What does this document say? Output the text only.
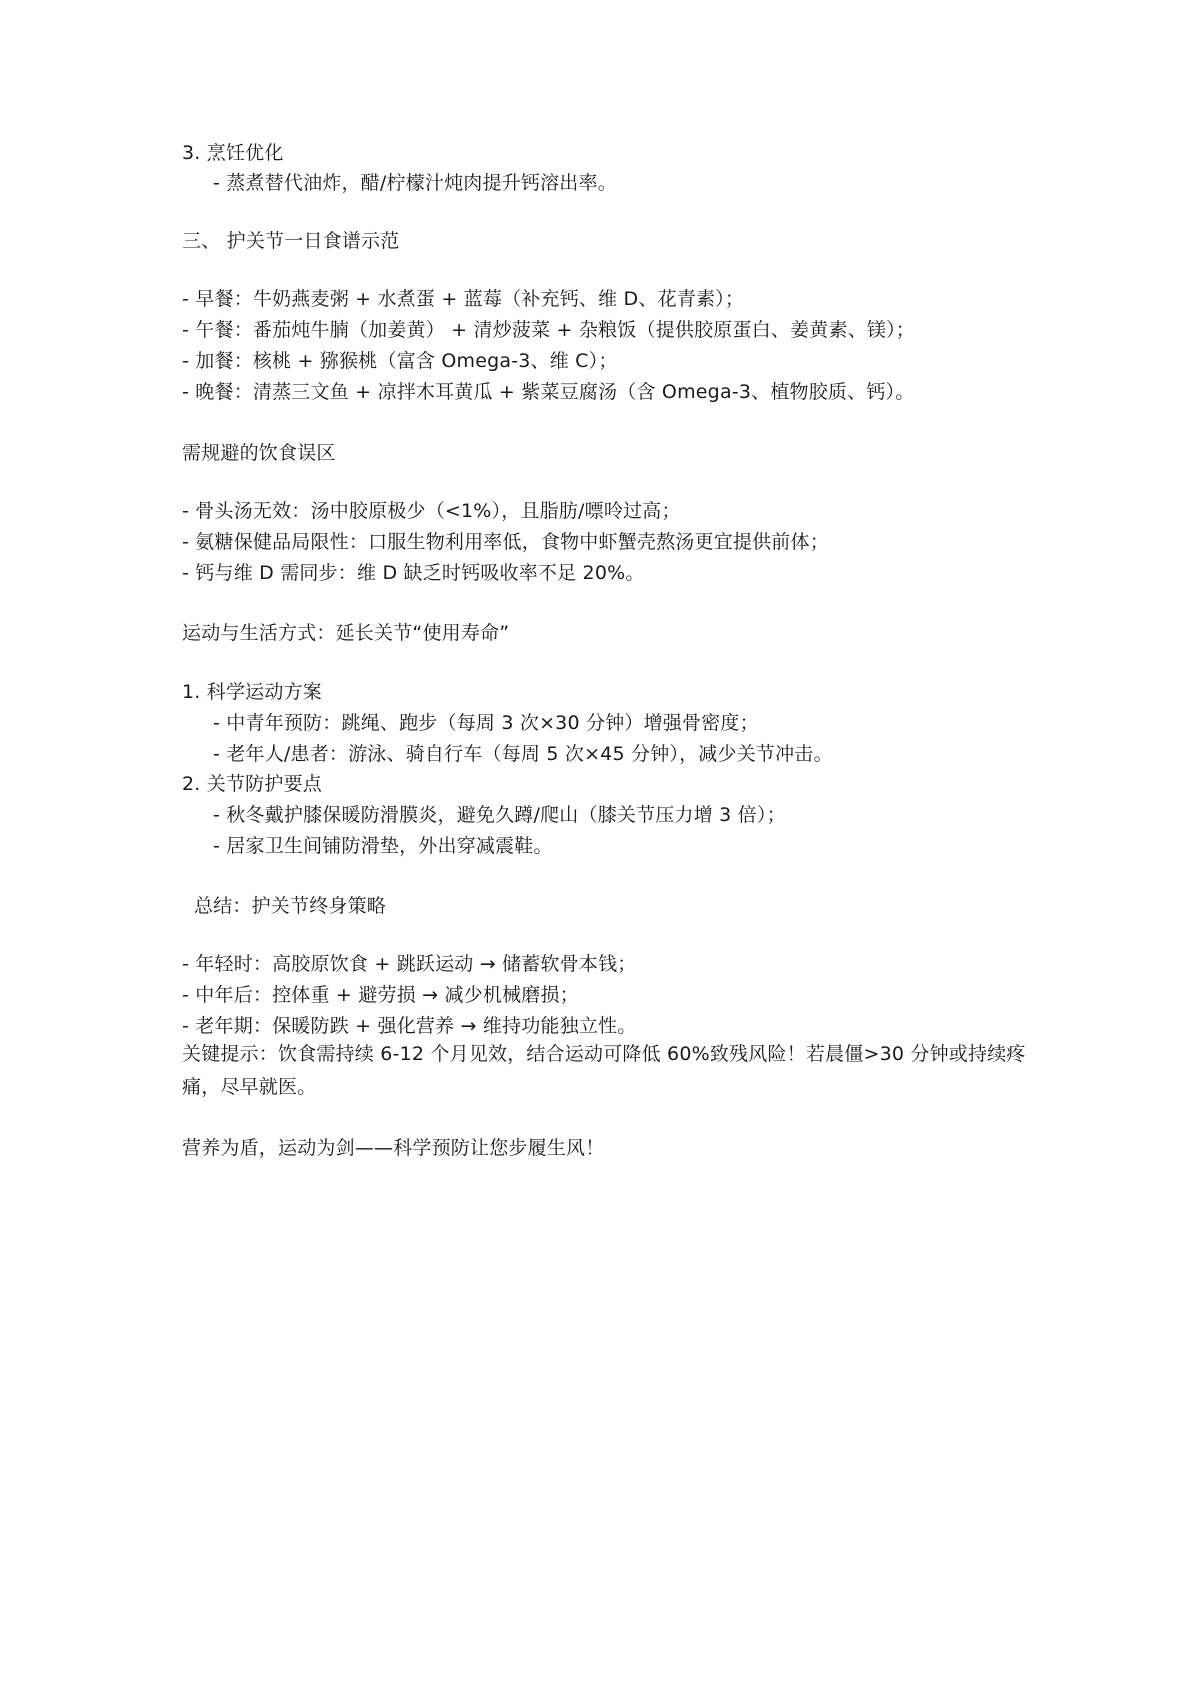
3. 烹饪优化
- 蒸煮替代油炸，醋/柠檬汁炖肉提升钙溶出率。
三、 护关节一日食谱示范
- 早餐：牛奶燕麦粥 + 水煮蛋 + 蓝莓（补充钙、维 D、花青素）；
- 午餐：番茄炖牛腩（加姜黄） + 清炒菠菜 + 杂粮饭（提供胶原蛋白、姜黄素、镁）；
- 加餐：核桃 + 猕猴桃（富含 Omega-3、维 C）；
- 晚餐：清蒸三文鱼 + 凉拌木耳黄瓜 + 紫菜豆腐汤（含 Omega-3、植物胶质、钙）。
需规避的饮食误区
- 骨头汤无效：汤中胶原极少（<1%），且脂肪/嘌呤过高；
- 氨糖保健品局限性：口服生物利用率低，食物中虾蟹壳熬汤更宜提供前体；
- 钙与维 D 需同步：维 D 缺乏时钙吸收率不足 20%。
运动与生活方式：延长关节“使用寿命”
1. 科学运动方案
- 中青年预防：跳绳、跑步（每周 3 次×30 分钟）增强骨密度；
- 老年人/患者：游泳、骑自行车（每周 5 次×45 分钟），减少关节冲击。
2. 关节防护要点
- 秋冬戴护膝保暖防滑膜炎，避免久蹲/爬山（膝关节压力增 3 倍）；
- 居家卫生间铺防滑垫，外出穿减震鞋。
总结：护关节终身策略
- 年轻时：高胶原饮食 + 跳跃运动 → 储蓄软骨本钱；
- 中年后：控体重 + 避劳损 → 减少机械磨损；
- 老年期：保暖防跌 + 强化营养 → 维持功能独立性。
关键提示：饮食需持续 6-12 个月见效，结合运动可降低 60%致残风险！若晨僵>30 分钟或持续疼痛，尽早就医。
营养为盾，运动为剑——科学预防让您步履生风！
